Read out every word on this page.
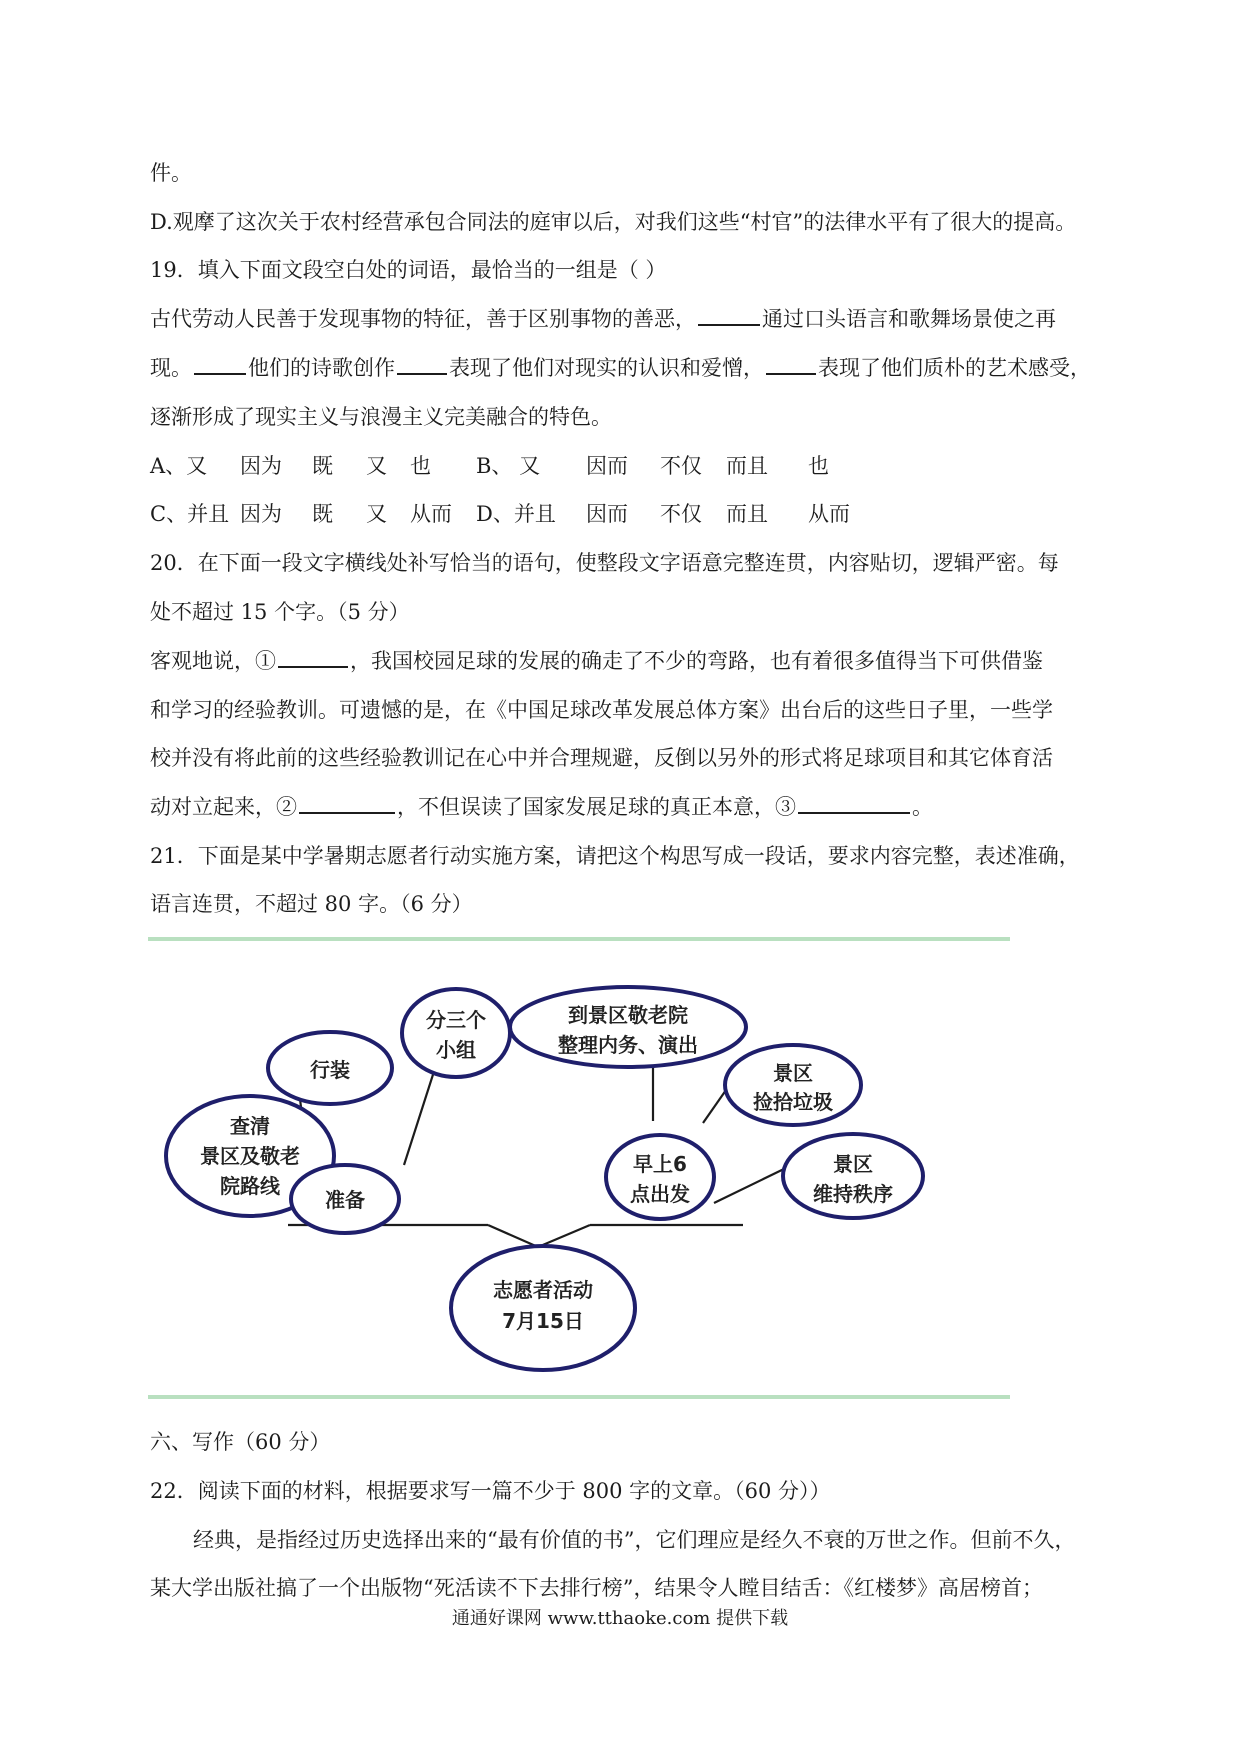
件。
D.观摩了这次关于农村经营承包合同法的庭审以后，对我们这些“村官”的法律水平有了很大的提高。
19．填入下面文段空白处的词语，最恰当的一组是（ ）
古代劳动人民善于发现事物的特征，善于区别事物的善恶，	通过口头语言和歌舞场景使之再
现。	他们的诗歌创作	表现了他们对现实的认识和爱憎，	表现了他们质朴的艺术感受，
逐渐形成了现实主义与浪漫主义完美融合的特色。
A、又 因为 既 又 也 B、 又 因而 不仅 而且 也
C、并且 因为 既 又 从而 D、并且 因而 不仅 而且 从而
20．在下面一段文字横线处补写恰当的语句，使整段文字语意完整连贯，内容贴切，逻辑严密。每
处不超过 15 个字。（5 分）
客观地说，①	，我国校园足球的发展的确走了不少的弯路，也有着很多值得当下可供借鉴
和学习的经验教训。可遗憾的是，在《中国足球改革发展总体方案》出台后的这些日子里，一些学
校并没有将此前的这些经验教训记在心中并合理规避，反倒以另外的形式将足球项目和其它体育活
动对立起来，②	，不但误读了国家发展足球的真正本意，③	。
21．下面是某中学暑期志愿者行动实施方案，请把这个构思写成一段话，要求内容完整，表述准确，
语言连贯，不超过 80 字。（6 分）
行装
分三个
小组
到景区敬老院
整理内务、演出
景区
捡拾垃圾
查清
景区及敬老
院路线
准备
早上6
点出发
景区
维持秩序
志愿者活动
7月15日
六、写作（60 分）
22．阅读下面的材料，根据要求写一篇不少于 800 字的文章。（60 分））
经典，是指经过历史选择出来的“最有价值的书”，它们理应是经久不衰的万世之作。但前不久，
某大学出版社搞了一个出版物“死活读不下去排行榜”，结果令人瞠目结舌：《红楼梦》高居榜首；
通通好课网 www.tthaoke.com 提供下载
